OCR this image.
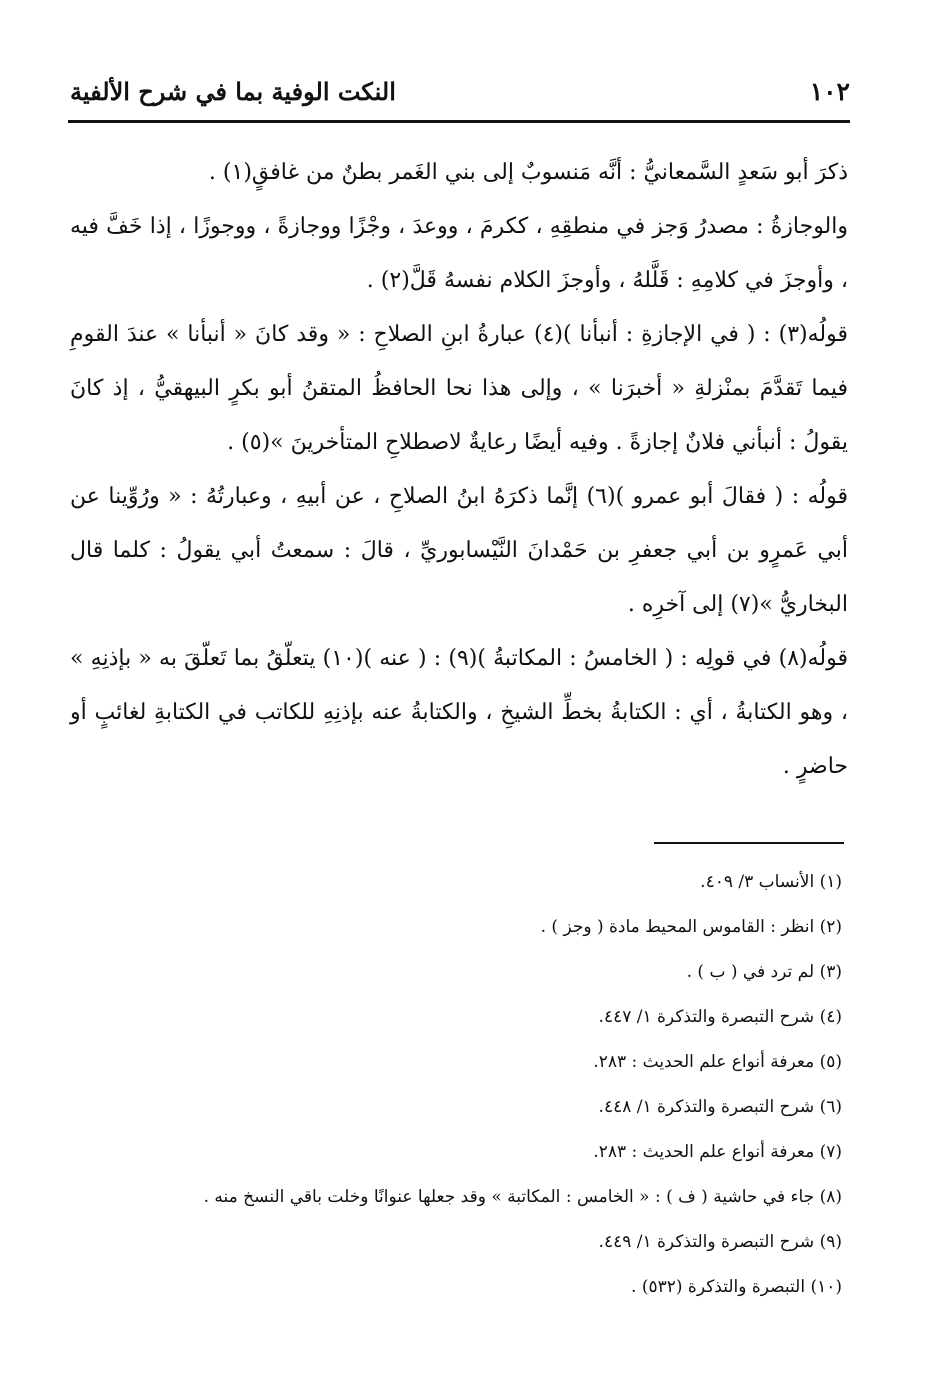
النكت الوفية بما في شرح الألفية	١٠٢

ذكرَ أبو سَعدٍ السَّمعانيُّ : أنَّه مَنسوبٌ إلى بني الغَمر بطنٌ من غافقٍ(١) .

والوجازةُ : مصدرُ وَجز في منطقِهِ ، ككرمَ ، ووعدَ ، وجْزًا ووجازةً ، ووجوزًا ، إذا خَفَّ فيه ، وأوجزَ في كلامِهِ : قَلَّلهُ ، وأوجزَ الكلام نفسهُ قَلَّ(٢) .

قولُه(٣) : ( في الإجازةِ : أنبأنا )(٤) عبارةُ ابنِ الصلاحِ : « وقد كانَ « أنبأنا » عندَ القومِ فيما تَقدَّمَ بمنْزلةِ « أخبرَنا » ، وإلى هذا نحا الحافظُ المتقنُ أبو بكرٍ البيهقيُّ ، إذ كانَ يقولُ : أنبأني فلانٌ إجازةً . وفيه أيضًا رعايةٌ لاصطلاحِ المتأخرينَ »(٥) .

قولُه : ( فقالَ أبو عمرو )(٦) إنَّما ذكرَهُ ابنُ الصلاحِ ، عن أبيهِ ، وعبارتُهُ : « ورُوِّينا عن أبي عَمرٍو بن أبي جعفرِ بن حَمْدانَ النَّيْسابوريِّ ، قالَ : سمعتُ أبي يقولُ : كلما قال البخاريُّ »(٧) إلى آخرِه .

قولُه(٨) في قولِه : ( الخامسُ : المكاتبةُ )(٩) : ( عنه )(١٠) يتعلّقُ بما تَعلّقَ به « بإذنِهِ » ، وهو الكتابةُ ، أي : الكتابةُ بخطِّ الشيخِ ، والكتابةُ عنه بإذنِهِ للكاتب في الكتابةِ لغائبٍ أو حاضرٍ .

(١) الأنساب ٣/ ٤٠٩.
(٢) انظر : القاموس المحيط مادة ( وجز ) .
(٣) لم ترد في ( ب ) .
(٤) شرح التبصرة والتذكرة ١/ ٤٤٧.
(٥) معرفة أنواع علم الحديث : ٢٨٣.
(٦) شرح التبصرة والتذكرة ١/ ٤٤٨.
(٧) معرفة أنواع علم الحديث : ٢٨٣.
(٨) جاء في حاشية ( ف ) : « الخامس : المكاتبة » وقد جعلها عنوانًا وخلت باقي النسخ منه .
(٩) شرح التبصرة والتذكرة ١/ ٤٤٩.
(١٠) التبصرة والتذكرة (٥٣٢) .
